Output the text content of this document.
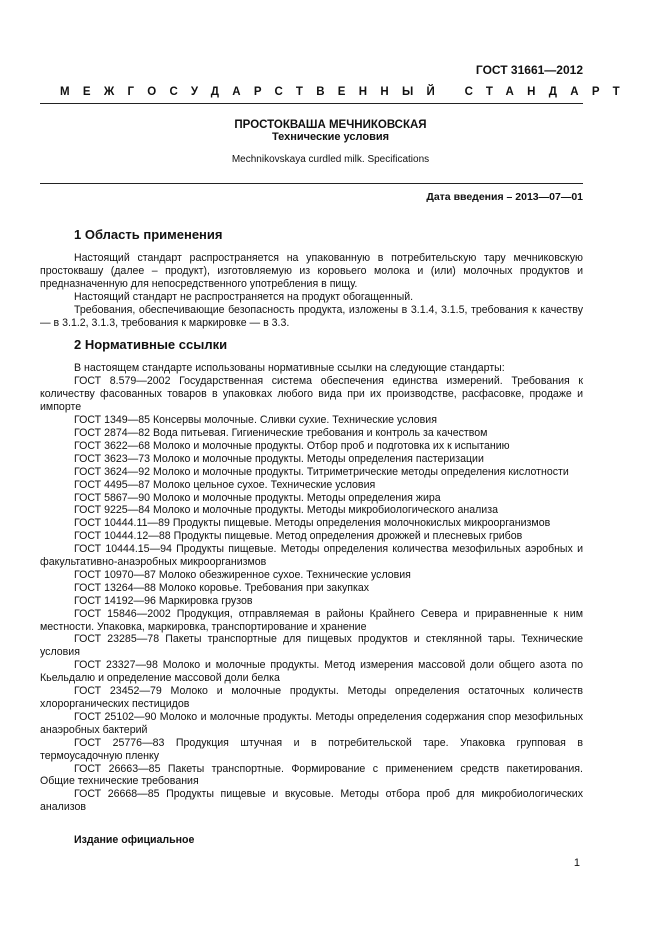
ГОСТ 31661—2012
МЕЖГОСУДАРСТВЕННЫЙ СТАНДАРТ
ПРОСТОКВАША МЕЧНИКОВСКАЯ
Технические условия
Mechnikovskaya curdled milk. Specifications
Дата введения – 2013—07—01
1 Область применения

Настоящий стандарт распространяется на упакованную в потребительскую тару мечниковскую простоквашу (далее – продукт), изготовляемую из коровьего молока и (или) молочных продуктов и предназначенную для непосредственного употребления в пищу.

Настоящий стандарт не распространяется на продукт обогащенный.

Требования, обеспечивающие безопасность продукта, изложены в 3.1.4, 3.1.5, требования к качеству — в 3.1.2, 3.1.3, требования к маркировке — в 3.3.

2 Нормативные ссылки

В настоящем стандарте использованы нормативные ссылки на следующие стандарты:

ГОСТ 8.579—2002 Государственная система обеспечения единства измерений. Требования к количеству фасованных товаров в упаковках любого вида при их производстве, расфасовке, продаже и импорте

ГОСТ 1349—85 Консервы молочные. Сливки сухие. Технические условия

ГОСТ 2874—82 Вода питьевая. Гигиенические требования и контроль за качеством

ГОСТ 3622—68 Молоко и молочные продукты. Отбор проб и подготовка их к испытанию

ГОСТ 3623—73 Молоко и молочные продукты. Методы определения пастеризации

ГОСТ 3624—92 Молоко и молочные продукты. Титриметрические методы определения кислотности

ГОСТ 4495—87 Молоко цельное сухое. Технические условия

ГОСТ 5867—90 Молоко и молочные продукты. Методы определения жира

ГОСТ 9225—84 Молоко и молочные продукты. Методы микробиологического анализа

ГОСТ 10444.11—89 Продукты пищевые. Методы определения молочнокислых микроорганизмов

ГОСТ 10444.12—88 Продукты пищевые. Метод определения дрожжей и плесневых грибов

ГОСТ 10444.15—94 Продукты пищевые. Методы определения количества мезофильных аэробных и факультативно-анаэробных микроорганизмов

ГОСТ 10970—87 Молоко обезжиренное сухое. Технические условия

ГОСТ 13264—88 Молоко коровье. Требования при закупках

ГОСТ 14192—96 Маркировка грузов

ГОСТ 15846—2002 Продукция, отправляемая в районы Крайнего Севера и приравненные к ним местности. Упаковка, маркировка, транспортирование и хранение

ГОСТ 23285—78 Пакеты транспортные для пищевых продуктов и стеклянной тары. Технические условия

ГОСТ 23327—98 Молоко и молочные продукты. Метод измерения массовой доли общего азота по Кьельдалю и определение массовой доли белка

ГОСТ 23452—79 Молоко и молочные продукты. Методы определения остаточных количеств хлорорганических пестицидов

ГОСТ 25102—90 Молоко и молочные продукты. Методы определения содержания спор мезофильных анаэробных бактерий

ГОСТ 25776—83 Продукция штучная и в потребительской таре. Упаковка групповая в термоусадочную пленку

ГОСТ 26663—85 Пакеты транспортные. Формирование с применением средств пакетирования. Общие технические требования

ГОСТ 26668—85 Продукты пищевые и вкусовые. Методы отбора проб для микробиологических анализов

Издание официальное
1
